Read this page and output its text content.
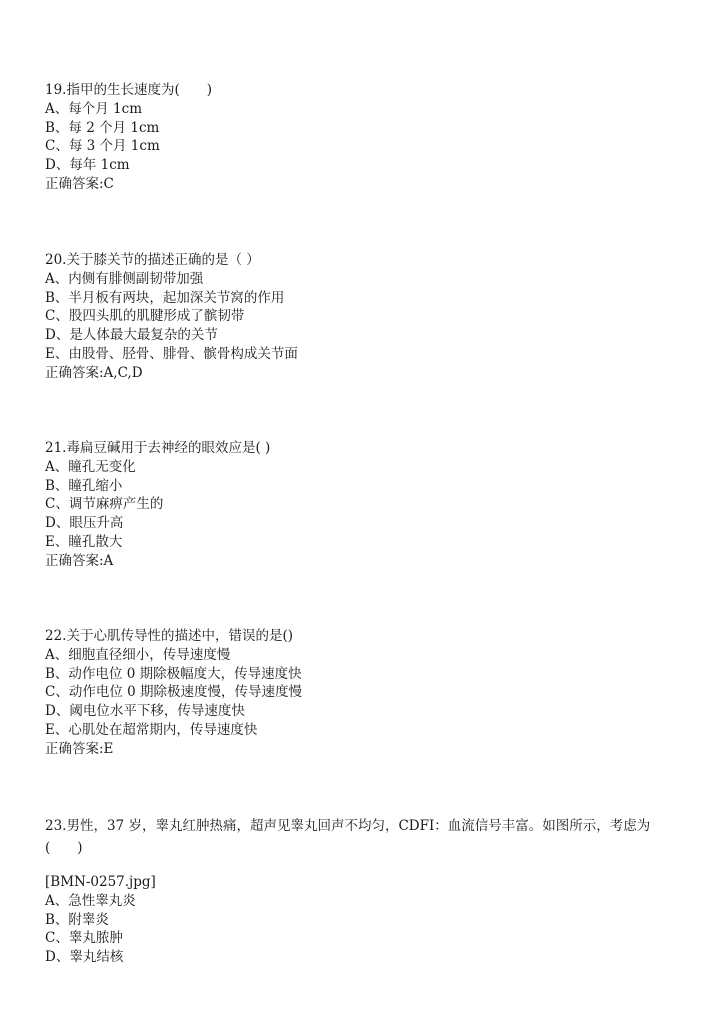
19.指甲的生长速度为(　　)
A、每个月 1cm
B、每 2 个月 1cm
C、每 3 个月 1cm
D、每年 1cm
正确答案:C
20.关于膝关节的描述正确的是（ ）
A、内侧有腓侧副韧带加强
B、半月板有两块，起加深关节窝的作用
C、股四头肌的肌腱形成了髌韧带
D、是人体最大最复杂的关节
E、由股骨、胫骨、腓骨、髌骨构成关节面
正确答案:A,C,D
21.毒扁豆碱用于去神经的眼效应是( )
A、瞳孔无变化
B、瞳孔缩小
C、调节麻痹产生的
D、眼压升高
E、瞳孔散大
正确答案:A
22.关于心肌传导性的描述中，错误的是()
A、细胞直径细小，传导速度慢
B、动作电位 0 期除极幅度大，传导速度快
C、动作电位 0 期除极速度慢，传导速度慢
D、阈电位水平下移，传导速度快
E、心肌处在超常期内，传导速度快
正确答案:E
23.男性，37 岁，睾丸红肿热痛，超声见睾丸回声不均匀，CDFI：血流信号丰富。如图所示，考虑为(　　)
[BMN-0257.jpg]
A、急性睾丸炎
B、附睾炎
C、睾丸脓肿
D、睾丸结核
